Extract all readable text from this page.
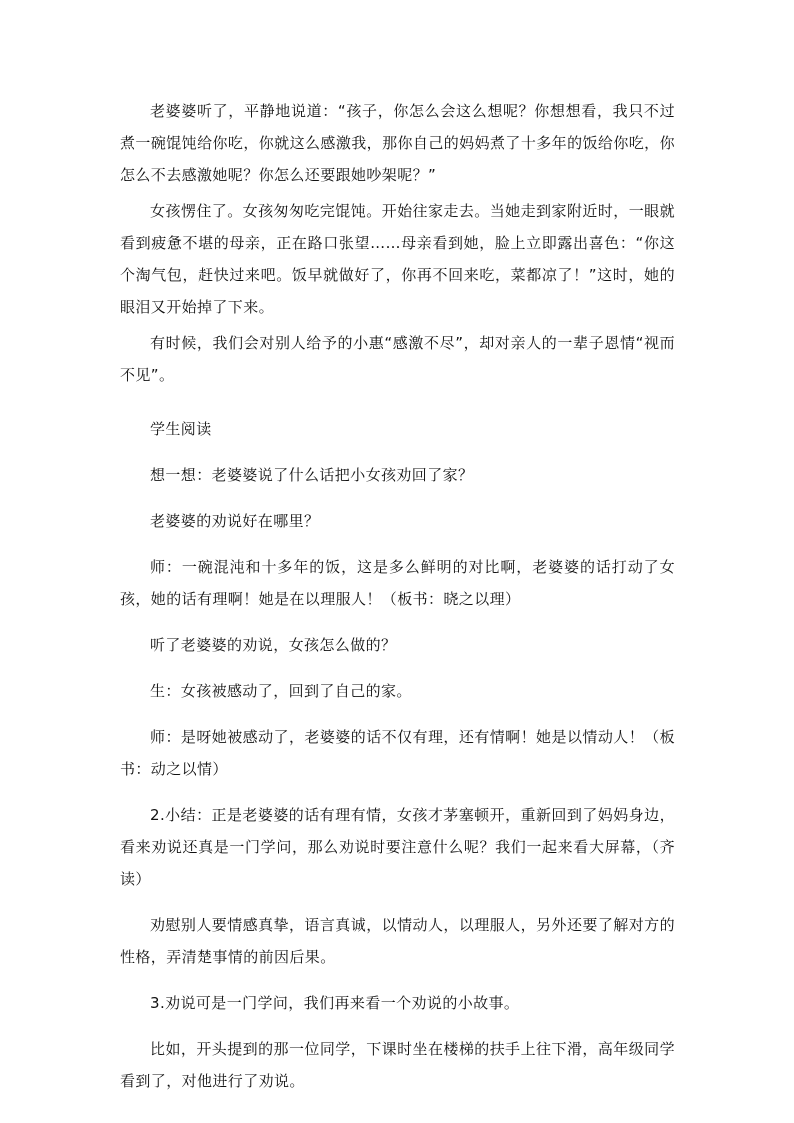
老婆婆听了，平静地说道：“孩子，你怎么会这么想呢？你想想看，我只不过煮一碗馄饨给你吃，你就这么感激我，那你自己的妈妈煮了十多年的饭给你吃，你怎么不去感激她呢？你怎么还要跟她吵架呢？”

女孩愣住了。女孩匆匆吃完馄饨。开始往家走去。当她走到家附近时，一眼就看到疲惫不堪的母亲，正在路口张望……母亲看到她，脸上立即露出喜色：“你这个淘气包，赶快过来吧。饭早就做好了，你再不回来吃，菜都凉了！”这时，她的眼泪又开始掉了下来。

有时候，我们会对别人给予的小惠“感激不尽”，却对亲人的一辈子恩情“视而不见”。

学生阅读

想一想：老婆婆说了什么话把小女孩劝回了家？

老婆婆的劝说好在哪里？

师：一碗混沌和十多年的饭，这是多么鲜明的对比啊，老婆婆的话打动了女孩，她的话有理啊！她是在以理服人！（板书：晓之以理）

听了老婆婆的劝说，女孩怎么做的？

生：女孩被感动了，回到了自己的家。

师：是呀她被感动了，老婆婆的话不仅有理，还有情啊！她是以情动人！（板书：动之以情）

2.小结：正是老婆婆的话有理有情，女孩才茅塞顿开，重新回到了妈妈身边，看来劝说还真是一门学问，那么劝说时要注意什么呢？我们一起来看大屏幕，（齐读）

劝慰别人要情感真挚，语言真诚，以情动人，以理服人，另外还要了解对方的性格，弄清楚事情的前因后果。

3.劝说可是一门学问，我们再来看一个劝说的小故事。

比如，开头提到的那一位同学，下课时坐在楼梯的扶手上往下滑，高年级同学看到了，对他进行了劝说。
